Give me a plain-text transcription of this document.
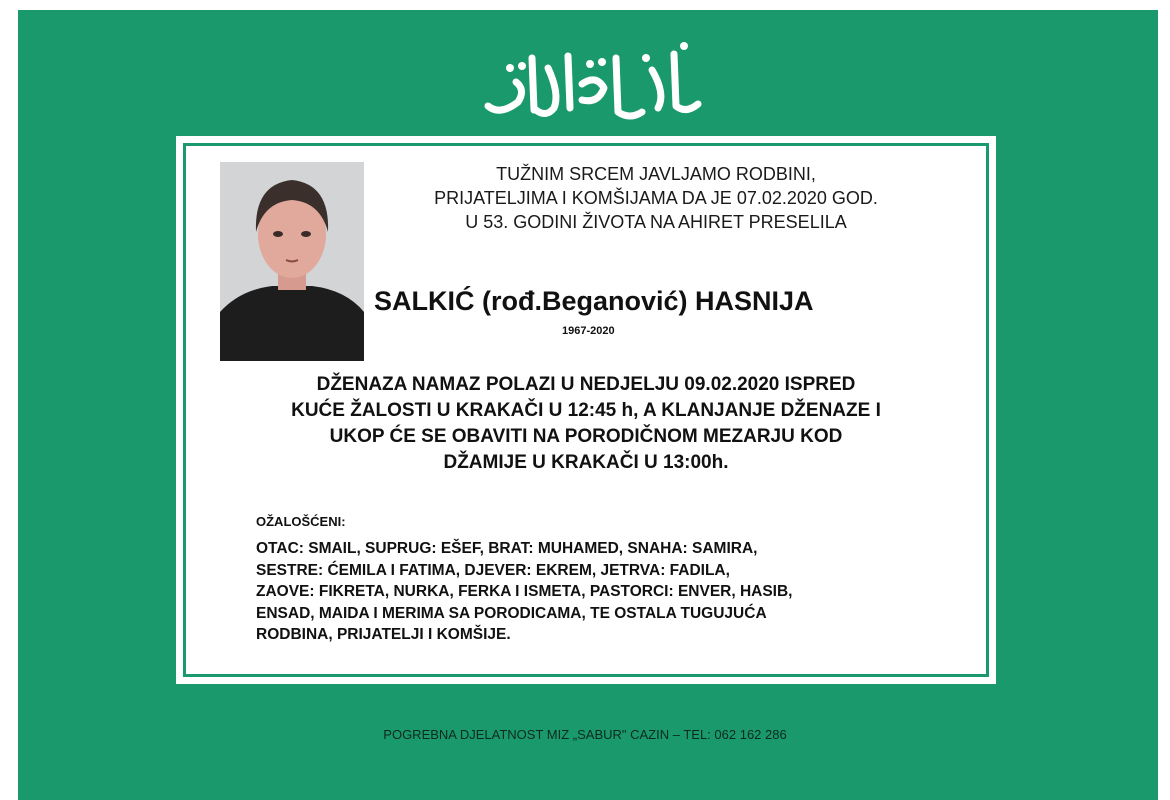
TUŽNIM SRCEM JAVLJAMO RODBINI,
PRIJATELJIMA I KOMŠIJAMA DA JE 07.02.2020 GOD.
U 53. GODINI ŽIVOTA NA AHIRET PRESELILA
SALKIĆ (rođ.Beganović) HASNIJA
1967-2020
DŽENAZA NAMAZ POLAZI U NEDJELJU 09.02.2020 ISPRED
KUĆE ŽALOSTI U KRAKAČI U 12:45 h, A KLANJANJE DŽENAZE I
UKOP ĆE SE OBAVITI NA PORODIČNOM MEZARJU KOD
DŽAMIJE U KRAKAČI U 13:00h.
OŽALOŠĆENI:
OTAC: SMAIL, SUPRUG: EŠEF, BRAT: MUHAMED, SNAHA: SAMIRA,
SESTRE: ĆEMILA I FATIMA, DJEVER: EKREM, JETRVA: FADILA,
ZAOVE: FIKRETA, NURKA, FERKA I ISMETA, PASTORCI: ENVER, HASIB,
ENSAD, MAIDA I MERIMA SA PORODICAMA, TE OSTALA TUGUJUĆA
RODBINA, PRIJATELJI I KOMŠIJE.
POGREBNA DJELATNOST MIZ „SABUR" CAZIN – TEL: 062 162 286
